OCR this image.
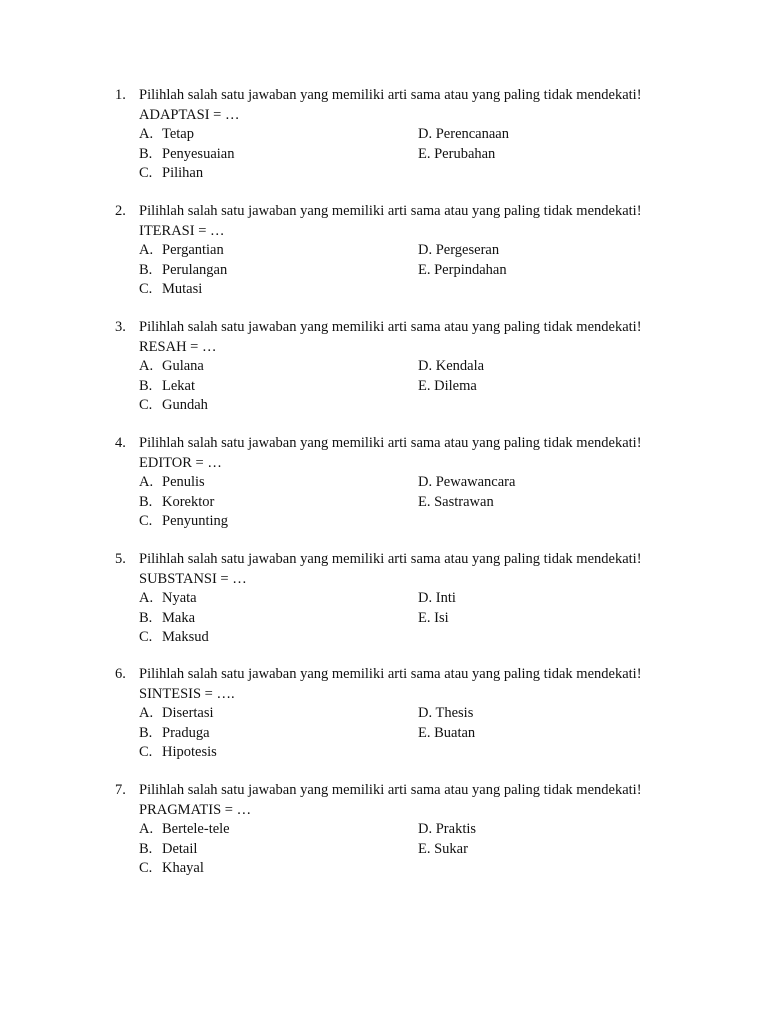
1. Pilihlah salah satu jawaban yang memiliki arti sama atau yang paling tidak mendekati!
ADAPTASI = …
A. Tetap
B. Penyesuaian
C. Pilihan
D. Perencanaan
E. Perubahan
2. Pilihlah salah satu jawaban yang memiliki arti sama atau yang paling tidak mendekati!
ITERASI = …
A. Pergantian
B. Perulangan
C. Mutasi
D. Pergeseran
E. Perpindahan
3. Pilihlah salah satu jawaban yang memiliki arti sama atau yang paling tidak mendekati!
RESAH = …
A. Gulana
B. Lekat
C. Gundah
D. Kendala
E. Dilema
4. Pilihlah salah satu jawaban yang memiliki arti sama atau yang paling tidak mendekati!
EDITOR = …
A. Penulis
B. Korektor
C. Penyunting
D. Pewawancara
E. Sastrawan
5. Pilihlah salah satu jawaban yang memiliki arti sama atau yang paling tidak mendekati!
SUBSTANSI = …
A. Nyata
B. Maka
C. Maksud
D. Inti
E. Isi
6. Pilihlah salah satu jawaban yang memiliki arti sama atau yang paling tidak mendekati!
SINTESIS = ….
A. Disertasi
B. Praduga
C. Hipotesis
D. Thesis
E. Buatan
7. Pilihlah salah satu jawaban yang memiliki arti sama atau yang paling tidak mendekati!
PRAGMATIS = …
A. Bertele-tele
B. Detail
C. Khayal
D. Praktis
E. Sukar
